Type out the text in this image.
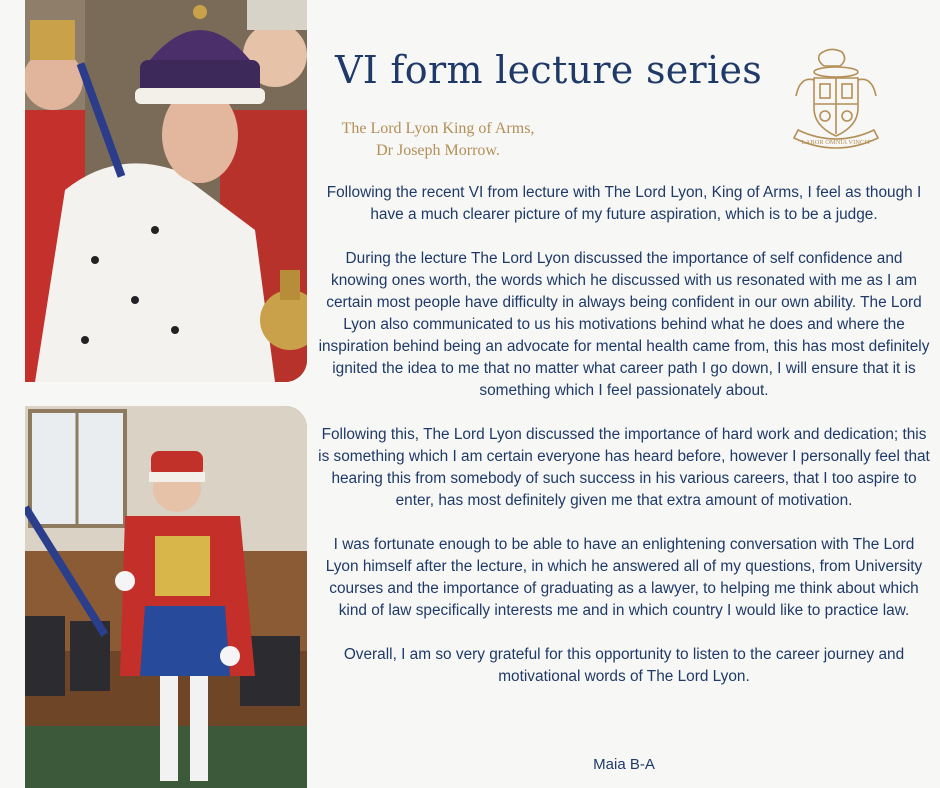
VI form lecture series
The Lord Lyon King of Arms, Dr Joseph Morrow.	LABOR OMNIA VINCIT

Following the recent VI from lecture with The Lord Lyon, King of Arms, I feel as though I have a much clearer picture of my future aspiration, which is to be a judge.

During the lecture The Lord Lyon discussed the importance of self confidence and knowing ones worth, the words which he discussed with us resonated with me as I am certain most people have difficulty in always being confident in our own ability. The Lord Lyon also communicated to us his motivations behind what he does and where the inspiration behind being an advocate for mental health came from, this has most definitely ignited the idea to me that no matter what career path I go down, I will ensure that it is something which I feel passionately about.

Following this, The Lord Lyon discussed the importance of hard work and dedication; this is something which I am certain everyone has heard before, however I personally feel that hearing this from somebody of such success in his various careers, that I too aspire to enter, has most definitely given me that extra amount of motivation.

I was fortunate enough to be able to have an enlightening conversation with The Lord Lyon himself after the lecture, in which he answered all of my questions, from University courses and the importance of graduating as a lawyer, to helping me think about which kind of law specifically interests me and in which country I would like to practice law.

Overall, I am so very grateful for this opportunity to listen to the career journey and motivational words of The Lord Lyon.

Maia B-A
